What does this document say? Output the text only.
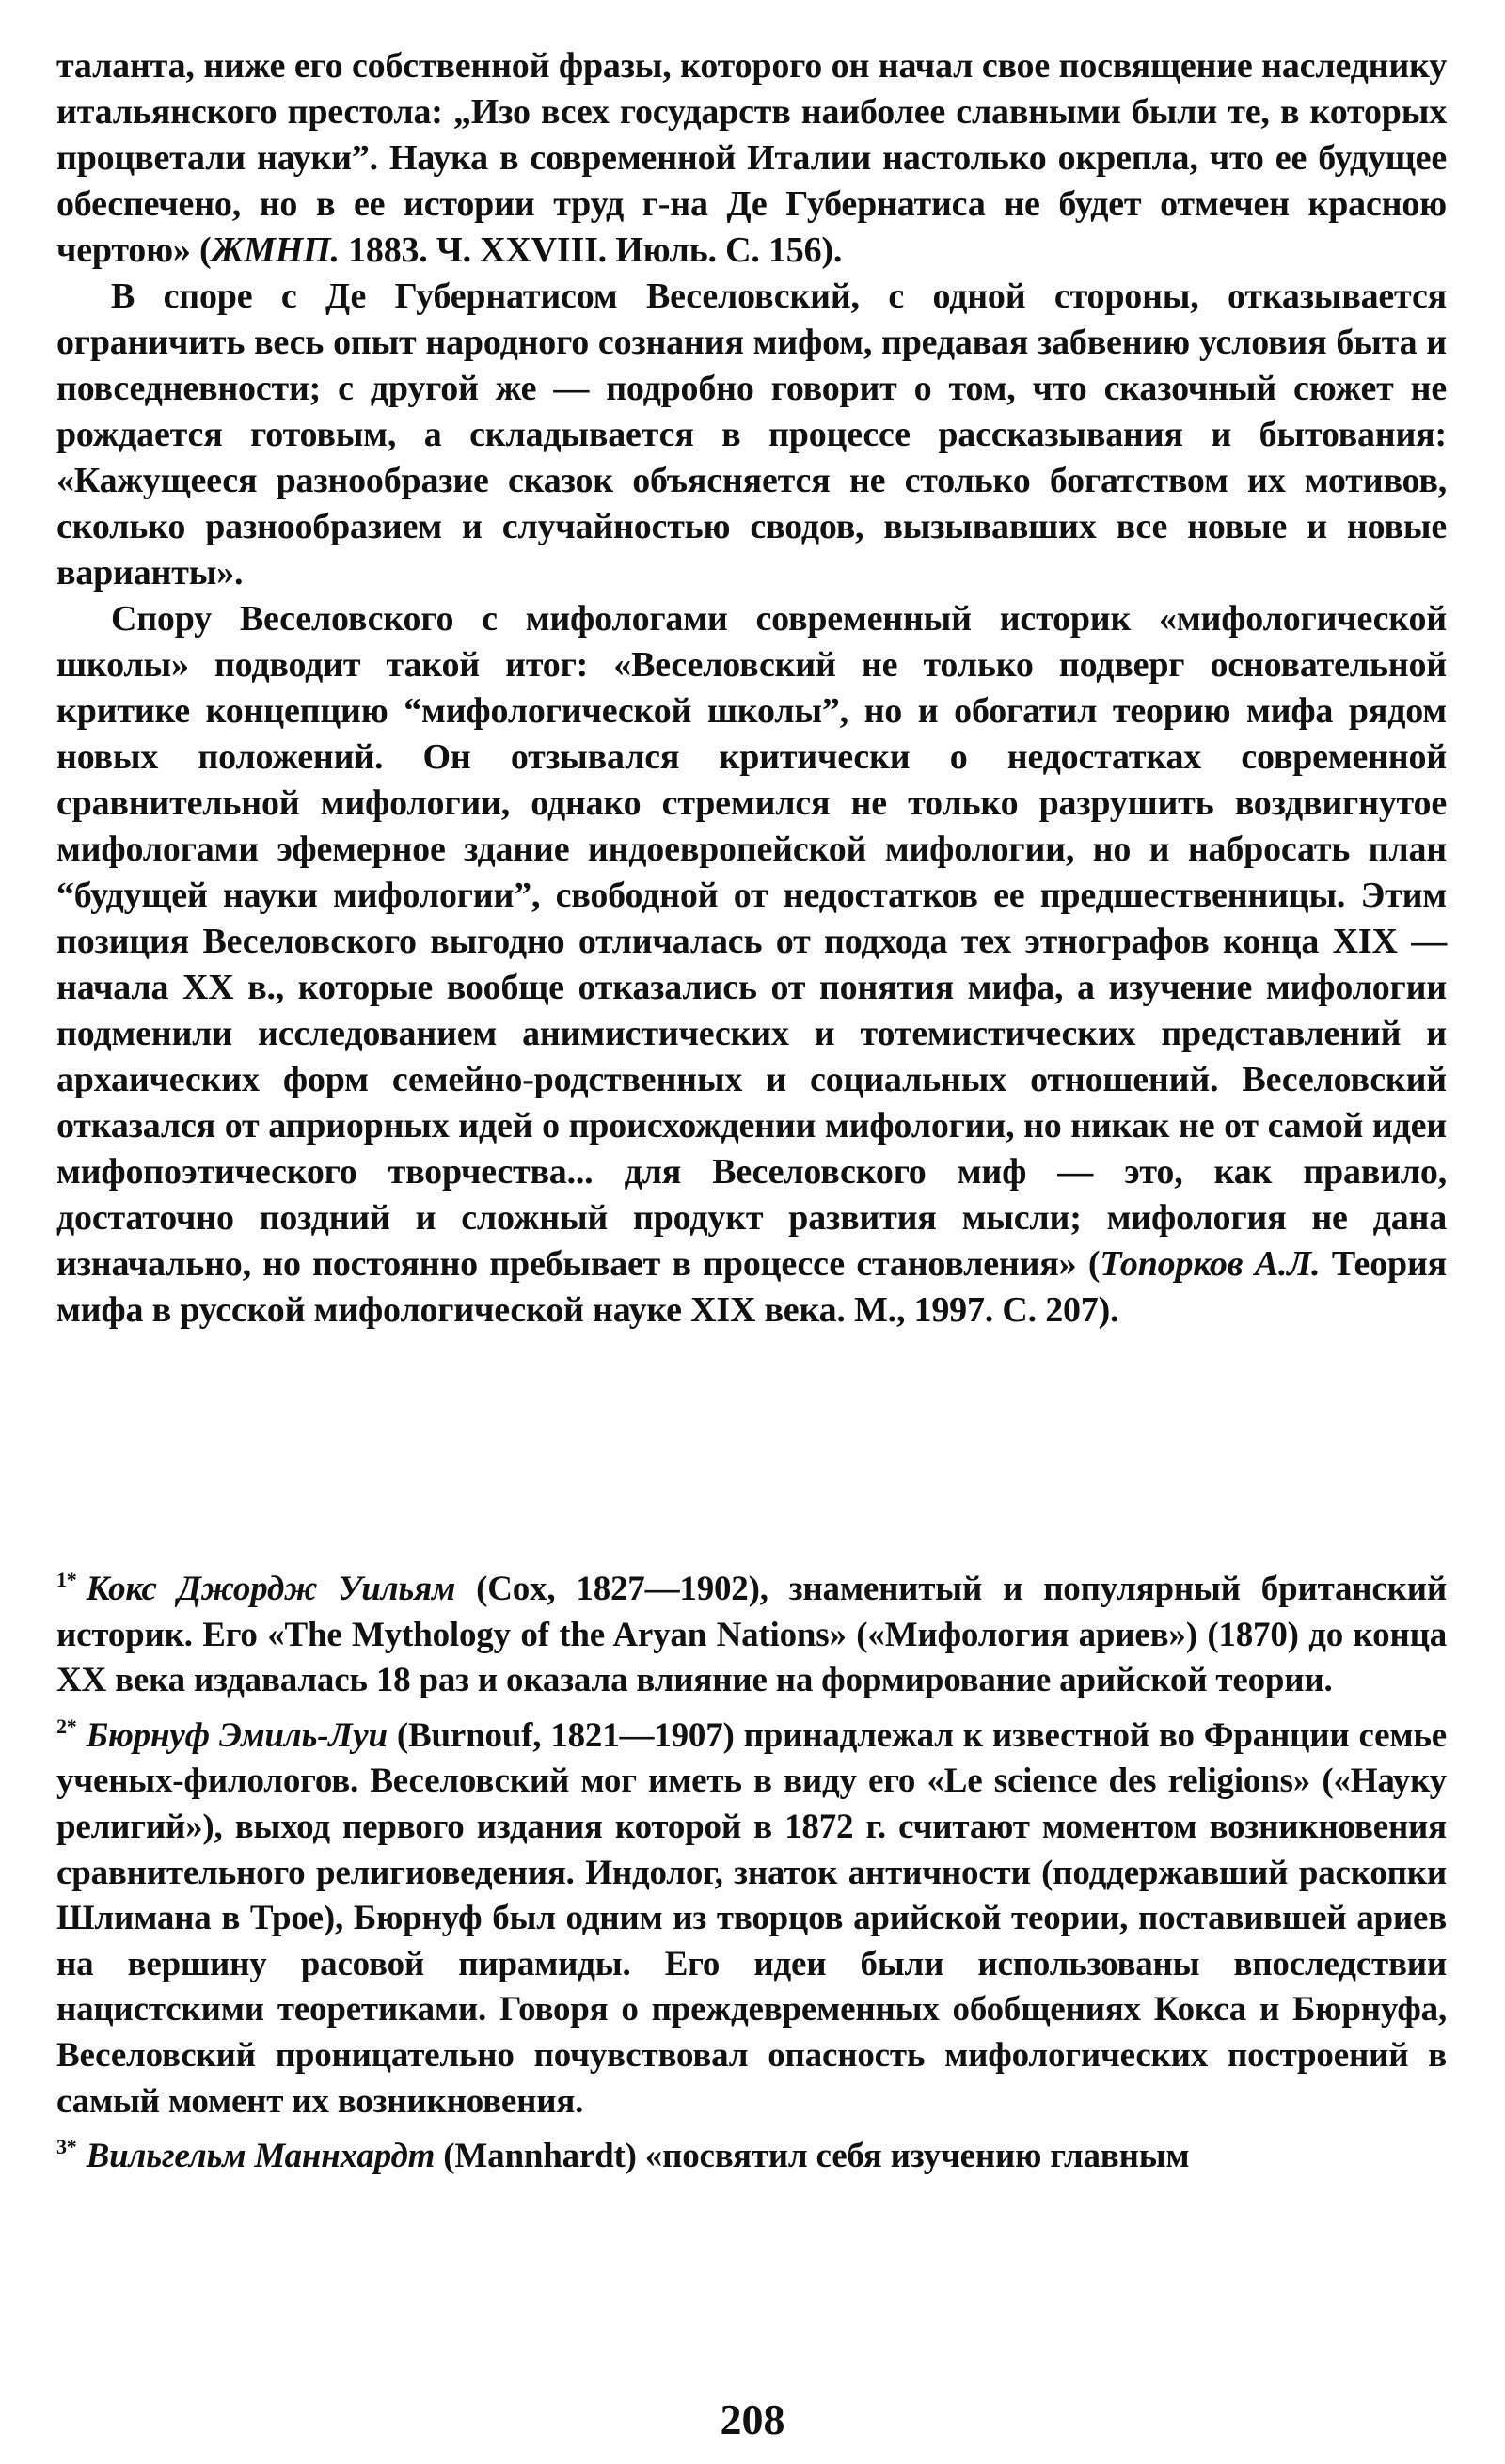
таланта, ниже его собственной фразы, которого он начал свое посвящение наследнику итальянского престола: „Изо всех государств наиболее славными были те, в которых процветали науки”. Наука в современной Италии настолько окрепла, что ее будущее обеспечено, но в ее истории труд г-на Де Губернатиса не будет отмечен красною чертою» (ЖМНП. 1883. Ч. XXVIII. Июль. С. 156).

В споре с Де Губернатисом Веселовский, с одной стороны, отказывается ограничить весь опыт народного сознания мифом, предавая забвению условия быта и повседневности; с другой же — подробно говорит о том, что сказочный сюжет не рождается готовым, а складывается в процессе рассказывания и бытования: «Кажущееся разнообразие сказок объясняется не столько богатством их мотивов, сколько разнообразием и случайностью сводов, вызывавших все новые и новые варианты».

Спору Веселовского с мифологами современный историк «мифологической школы» подводит такой итог: «Веселовский не только подверг основательной критике концепцию “мифологической школы”, но и обогатил теорию мифа рядом новых положений. Он отзывался критически о недостатках современной сравнительной мифологии, однако стремился не только разрушить воздвигнутое мифологами эфемерное здание индоевропейской мифологии, но и набросать план “будущей науки мифологии”, свободной от недостатков ее предшественницы. Этим позиция Веселовского выгодно отличалась от подхода тех этнографов конца XIX — начала XX в., которые вообще отказались от понятия мифа, а изучение мифологии подменили исследованием анимистических и тотемистических представлений и архаических форм семейно-родственных и социальных отношений. Веселовский отказался от априорных идей о происхождении мифологии, но никак не от самой идеи мифопоэтического творчества... для Веселовского миф — это, как правило, достаточно поздний и сложный продукт развития мысли; мифология не дана изначально, но постоянно пребывает в процессе становления» (Топорков А.Л. Теория мифа в русской мифологической науке XIX века. М., 1997. С. 207).

$^{1*}$ Кокс Джордж Уильям (Cox, 1827—1902), знаменитый и популярный британский историк. Его «The Mythology of the Aryan Nations» («Мифология ариев») (1870) до конца XX века издавалась 18 раз и оказала влияние на формирование арийской теории.

$^{2*}$ Бюрнуф Эмиль-Луи (Burnouf, 1821—1907) принадлежал к известной во Франции семье ученых-филологов. Веселовский мог иметь в виду его «Le science des religions» («Науку религий»), выход первого издания которой в 1872 г. считают моментом возникновения сравнительного религиоведения. Индолог, знаток античности (поддержавший раскопки Шлимана в Трое), Бюрнуф был одним из творцов арийской теории, поставившей ариев на вершину расовой пирамиды. Его идеи были использованы впоследствии нацистскими теоретиками. Говоря о преждевременных обобщениях Кокса и Бюрнуфа, Веселовский проницательно почувствовал опасность мифологических построений в самый момент их возникновения.

$^{3*}$ Вильгельм Маннхардт (Mannhardt) «посвятил себя изучению главным

208
